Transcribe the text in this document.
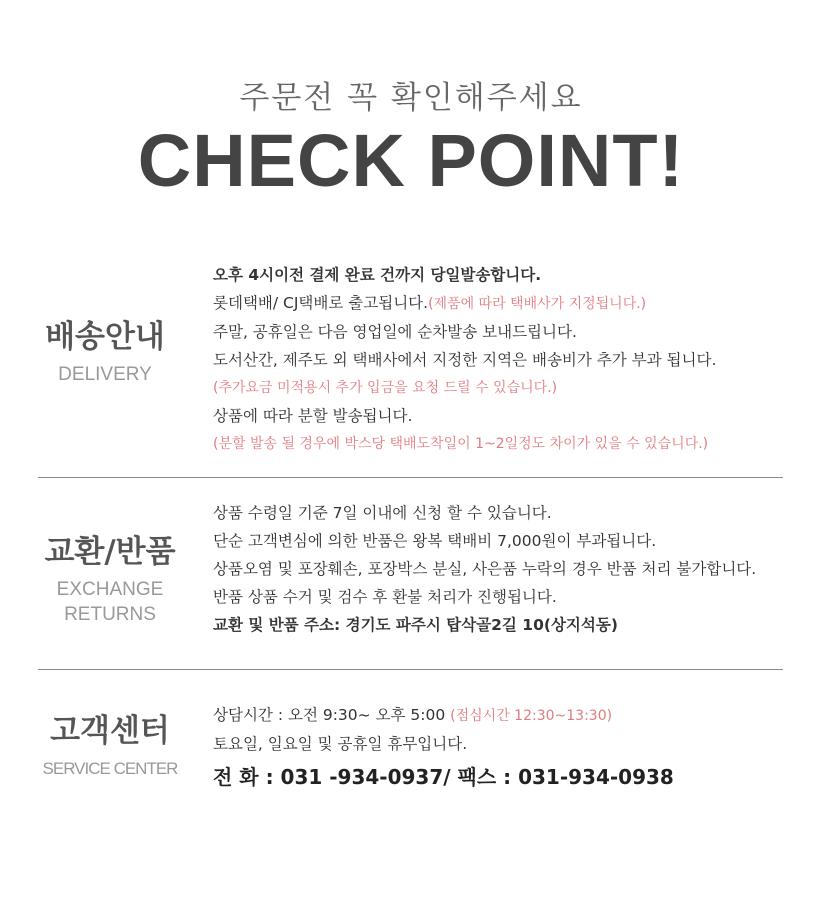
주문전 꼭 확인해주세요
CHECK POINT!
배송안내
DELIVERY
오후 4시이전 결제 완료 건까지 당일발송합니다.
롯데택배/ CJ택배로 출고됩니다.(제품에 따라 택배사가 지정됩니다.)
주말, 공휴일은 다음 영업일에 순차발송 보내드립니다.
도서산간, 제주도 외 택배사에서 지정한 지역은 배송비가 추가 부과 됩니다.
(추가요금 미적용시 추가 입금을 요청 드릴 수 있습니다.)
상품에 따라 분할 발송됩니다.
(분할 발송 될 경우에 박스당 택배도착일이 1~2일정도 차이가 있을 수 있습니다.)
교환/반품
EXCHANGE
RETURNS
상품 수령일 기준 7일 이내에 신청 할 수 있습니다.
단순 고객변심에 의한 반품은 왕복 택배비 7,000원이 부과됩니다.
상품오염 및 포장훼손, 포장박스 분실, 사은품 누락의 경우 반품 처리 불가합니다.
반품 상품 수거 및 검수 후 환불 처리가 진행됩니다.
교환 및 반품 주소: 경기도 파주시 탑삭골2길 10(상지석동)
고객센터
SERVICE CENTER
상담시간 : 오전 9:30~ 오후 5:00 (점심시간 12:30~13:30)
토요일, 일요일 및 공휴일 휴무입니다.
전 화 : 031 -934-0937/ 팩스 : 031-934-0938
